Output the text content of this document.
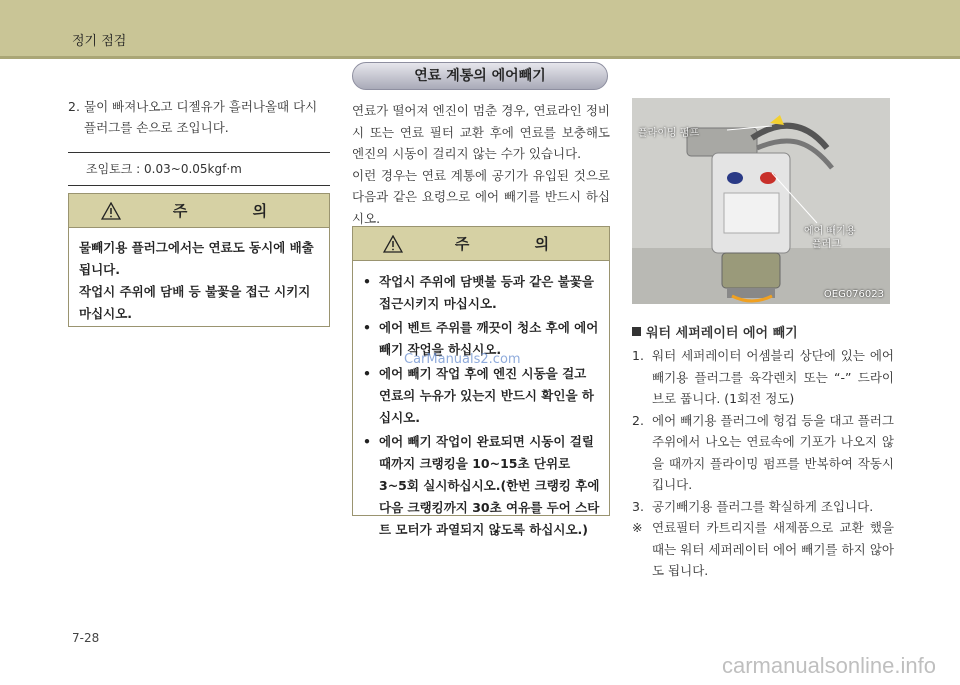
정기 점검
2. 물이 빠져나오고 디젤유가 흘러나올때 다시 플러그를 손으로 조입니다.
조임토크 : 0.03~0.05kgf·m
주 의
물빼기용 플러그에서는 연료도 동시에 배출됩니다.
작업시 주위에 담배 등 불꽃을 접근 시키지 마십시오.
연료 계통의 에어빼기
연료가 떨어져 엔진이 멈춘 경우, 연료라인 정비시 또는 연료 필터 교환 후에 연료를 보충해도 엔진의 시동이 걸리지 않는 수가 있습니다.
이런 경우는 연료 계통에 공기가 유입된 것으로 다음과 같은 요령으로 에어 빼기를 반드시 하십시오.
주 의
• 작업시 주위에 담뱃불 등과 같은 불꽃을 접근시키지 마십시오.
• 에어 벤트 주위를 깨끗이 청소 후에 에어빼기 작업을 하십시오.
• 에어 빼기 작업 후에 엔진 시동을 걸고 연료의 누유가 있는지 반드시 확인을 하십시오.
• 에어 빼기 작업이 완료되면 시동이 걸릴 때까지 크랭킹을 10~15초 단위로 3~5회 실시하십시오.(한번 크랭킹 후에 다음 크랭킹까지 30초 여유를 두어 스타트 모터가 과열되지 않도록 하십시오.)
CarManuals2.com
플라이밍 펌프
에어 빼기용
플러그
OEG076023
워터 세퍼레이터 에어 빼기
1. 워터 세퍼레이터 어셈블리 상단에 있는 에어빼기용 플러그를 육각렌치 또는 “-” 드라이브로 풉니다. (1회전 정도)
2. 에어 빼기용 플러그에 헝겁 등을 대고 플러그 주위에서 나오는 연료속에 기포가 나오지 않을 때까지 플라이밍 펌프를 반복하여 작동시킵니다.
3. 공기빼기용 플러그를 확실하게 조입니다.
※ 연료필터 카트리지를 새제품으로 교환 했을때는 워터 세퍼레이터 에어 빼기를 하지 않아도 됩니다.
7-28
carmanualsonline.info
